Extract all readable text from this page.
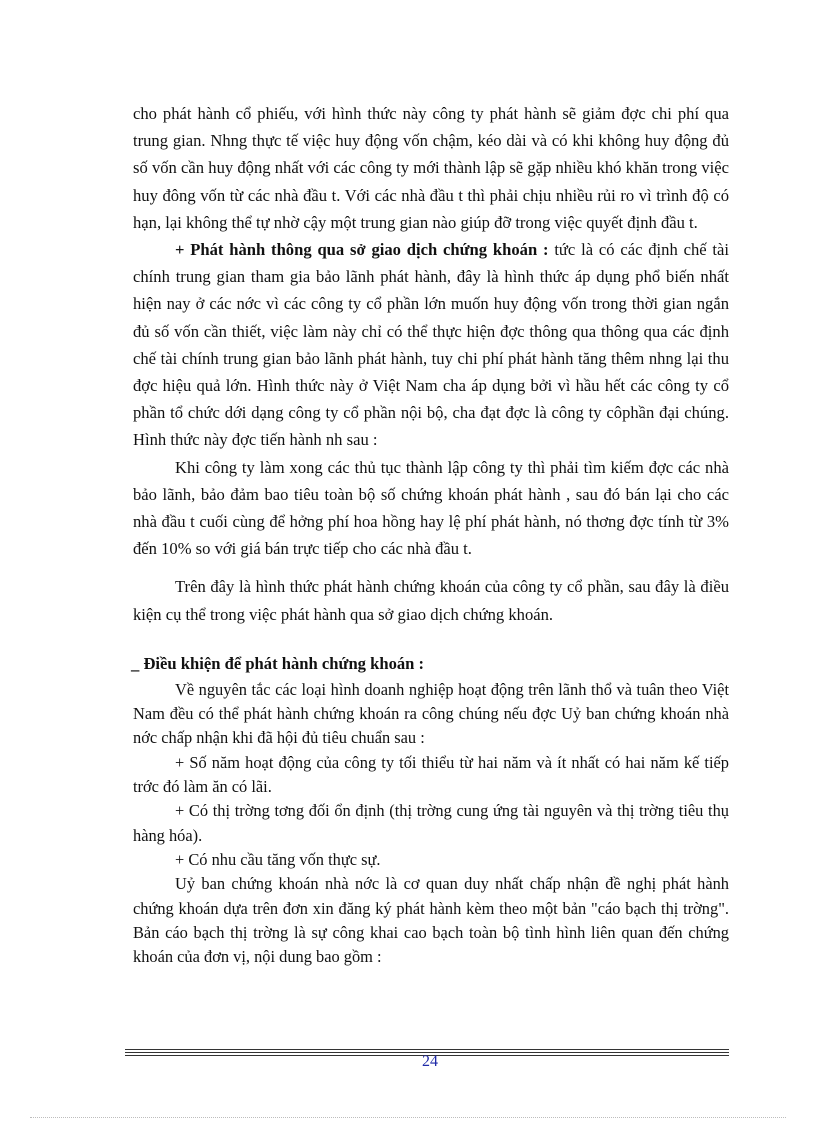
cho phát hành cổ phiếu, với hình thức này công ty phát hành sẽ giảm đợc chi phí qua trung gian. Nhng thực tế việc huy động vốn chậm, kéo dài và có khi không huy động đủ số vốn cần huy động nhất với các công ty mới thành lập sẽ gặp nhiều khó khăn trong việc huy đông vốn từ các nhà đầu t. Với các nhà đầu t thì phải chịu nhiều rủi ro vì trình độ có hạn, lại không thể tự nhờ cậy một trung gian nào giúp đỡ trong việc quyết định đầu t.

+ Phát hành thông qua sở giao dịch chứng khoán : tức là có các định chế tài chính trung gian tham gia bảo lãnh phát hành, đây là hình thức áp dụng phổ biến nhất hiện nay ở các nớc vì các công ty cổ phần lớn muốn huy động vốn trong thời gian ngắn đủ số vốn cần thiết, việc làm này chỉ có thể thực hiện đợc thông qua thông qua các định chế tài chính trung gian bảo lãnh phát hành, tuy chi phí phát hành tăng thêm nhng lại thu đợc hiệu quả lớn. Hình thức này ở Việt Nam cha áp dụng bởi vì hầu hết các công ty cổ phần tổ chức dới dạng công ty cổ phần nội bộ, cha đạt đợc là công ty côphần đại chúng. Hình thức này đợc tiến hành nh sau :

Khi công ty làm xong các thủ tục thành lập công ty thì phải tìm kiếm đợc các nhà bảo lãnh, bảo đảm bao tiêu toàn bộ số chứng khoán phát hành , sau đó bán lại cho các nhà đầu t cuối cùng để hởng phí hoa hồng hay lệ phí phát hành, nó thơng đợc tính từ 3% đến 10% so với giá bán trực tiếp cho các nhà đầu t.

Trên đây là hình thức phát hành chứng khoán của công ty cổ phần, sau đây là điều kiện cụ thể trong việc phát hành qua sở giao dịch chứng khoán.

_ Điều khiện để phát hành chứng khoán :

Về nguyên tắc các loại hình doanh nghiệp hoạt động trên lãnh thổ và tuân theo Việt Nam đều có thể phát hành chứng khoán ra công chúng nếu đợc Uỷ ban chứng khoán nhà nớc chấp nhận khi đã hội đủ tiêu chuẩn sau :

+ Số năm hoạt động của công ty tối thiểu từ hai năm và ít nhất có hai năm kế tiếp trớc đó làm ăn có lãi.

+ Có thị trờng tơng đối ổn định (thị trờng cung ứng tài nguyên và thị trờng tiêu thụ hàng hóa).

+ Có nhu cầu tăng vốn thực sự.

Uỷ ban chứng khoán nhà nớc là cơ quan duy nhất chấp nhận đề nghị phát hành chứng khoán dựa trên đơn xin đăng ký phát hành kèm theo một bản "cáo bạch thị trờng". Bản cáo bạch thị trờng là sự công khai cao bạch toàn bộ tình hình liên quan đến chứng khoán của đơn vị, nội dung bao gồm :

24
